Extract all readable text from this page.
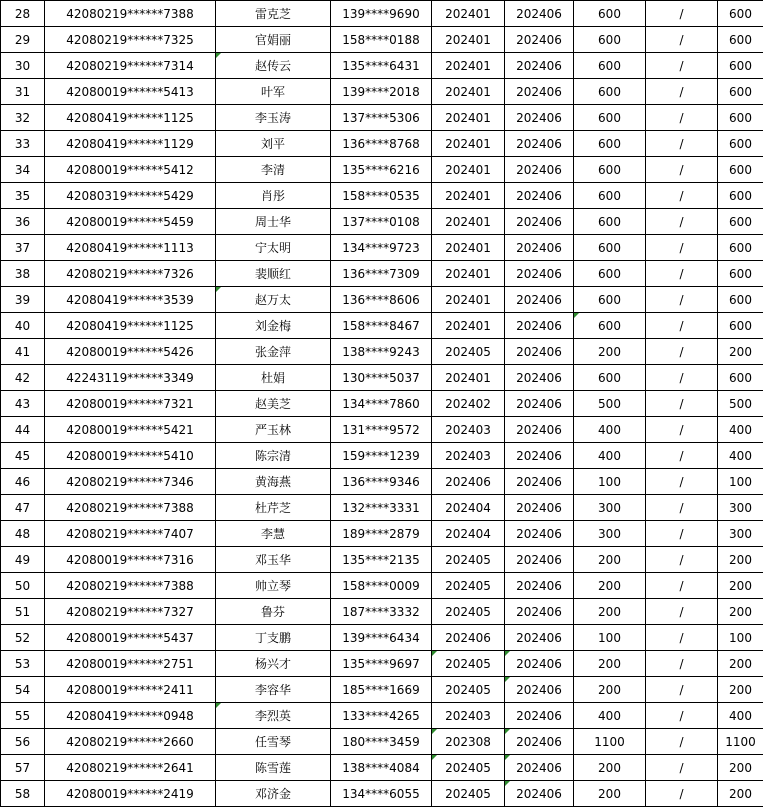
28	42080219******7388	雷克芝	139****9690	202401	202406	600	/	600
29	42080219******7325	官娟丽	158****0188	202401	202406	600	/	600
30	42080219******7314	赵传云	135****6431	202401	202406	600	/	600
31	42080019******5413	叶军	139****2018	202401	202406	600	/	600
32	42080419******1125	李玉涛	137****5306	202401	202406	600	/	600
33	42080419******1129	刘平	136****8768	202401	202406	600	/	600
34	42080019******5412	李清	135****6216	202401	202406	600	/	600
35	42080319******5429	肖彤	158****0535	202401	202406	600	/	600
36	42080019******5459	周士华	137****0108	202401	202406	600	/	600
37	42080419******1113	宁太明	134****9723	202401	202406	600	/	600
38	42080219******7326	裴顺红	136****7309	202401	202406	600	/	600
39	42080419******3539	赵万太	136****8606	202401	202406	600	/	600
40	42080419******1125	刘金梅	158****8467	202401	202406	600	/	600
41	42080019******5426	张金萍	138****9243	202405	202406	200	/	200
42	42243119******3349	杜娟	130****5037	202401	202406	600	/	600
43	42080019******7321	赵美芝	134****7860	202402	202406	500	/	500
44	42080019******5421	严玉林	131****9572	202403	202406	400	/	400
45	42080019******5410	陈宗清	159****1239	202403	202406	400	/	400
46	42080219******7346	黄海燕	136****9346	202406	202406	100	/	100
47	42080219******7388	杜芹芝	132****3331	202404	202406	300	/	300
48	42080219******7407	李慧	189****2879	202404	202406	300	/	300
49	42080019******7316	邓玉华	135****2135	202405	202406	200	/	200
50	42080219******7388	帅立琴	158****0009	202405	202406	200	/	200
51	42080219******7327	鲁芬	187****3332	202405	202406	200	/	200
52	42080019******5437	丁支鹏	139****6434	202406	202406	100	/	100
53	42080019******2751	杨兴才	135****9697	202405	202406	200	/	200
54	42080019******2411	李容华	185****1669	202405	202406	200	/	200
55	42080419******0948	李烈英	133****4265	202403	202406	400	/	400
56	42080219******2660	任雪琴	180****3459	202308	202406	1100	/	1100
57	42080219******2641	陈雪莲	138****4084	202405	202406	200	/	200
58	42080019******2419	邓济金	134****6055	202405	202406	200	/	200
